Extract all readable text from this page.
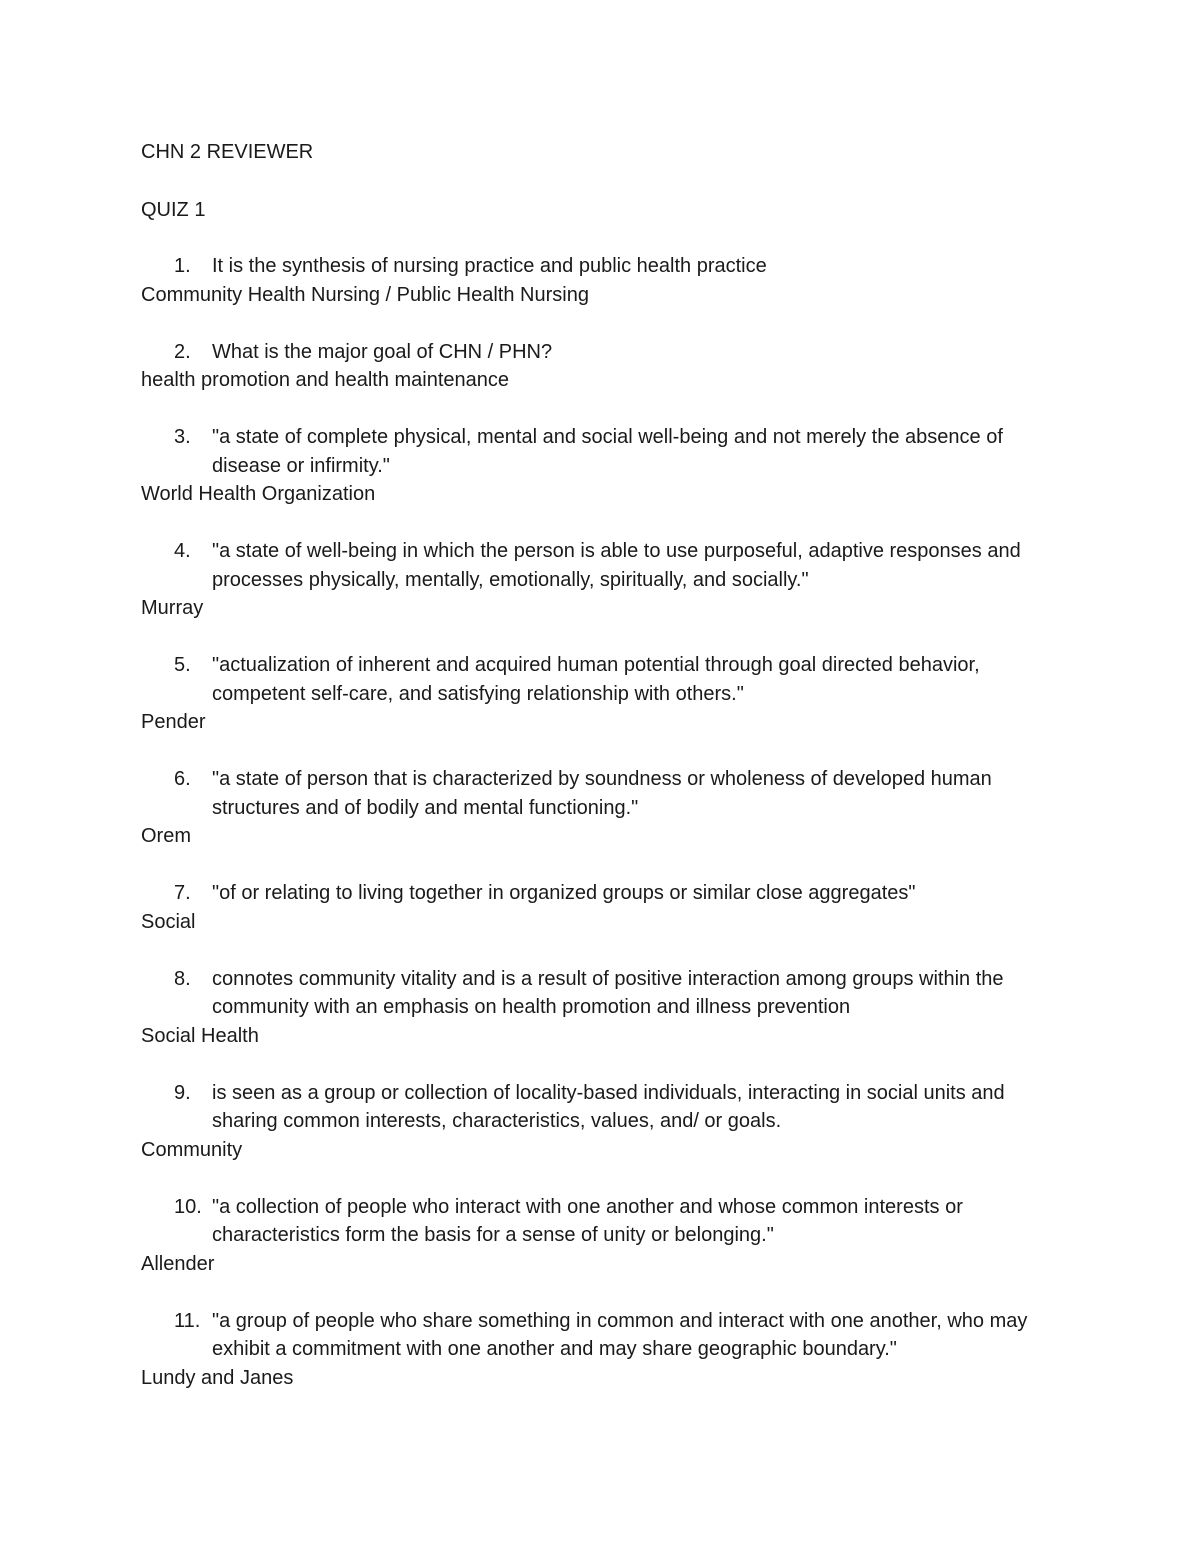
CHN 2 REVIEWER
QUIZ 1
1.	It is the synthesis of nursing practice and public health practice
Community Health Nursing / Public Health Nursing
2.	What is the major goal of CHN / PHN?
health promotion and health maintenance
3.	"a state of complete physical, mental and social well-being and not merely the absence of disease or infirmity."
World Health Organization
4.	"a state of well-being in which the person is able to use purposeful, adaptive responses and processes physically, mentally, emotionally, spiritually, and socially."
Murray
5.	"actualization of inherent and acquired human potential through goal directed behavior, competent self-care, and satisfying relationship with others."
Pender
6.	"a state of person that is characterized by soundness or wholeness of developed human structures and of bodily and mental functioning."
Orem
7.	"of or relating to living together in organized groups or similar close aggregates"
Social
8.	connotes community vitality and is a result of positive interaction among groups within the community with an emphasis on health promotion and illness prevention
Social Health
9.	is seen as a group or collection of locality-based individuals, interacting in social units and sharing common interests, characteristics, values, and/ or goals.
Community
10. "a collection of people who interact with one another and whose common interests or characteristics form the basis for a sense of unity or belonging."
Allender
11. "a group of people who share something in common and interact with one another, who may exhibit a commitment with one another and may share geographic boundary."
Lundy and Janes
